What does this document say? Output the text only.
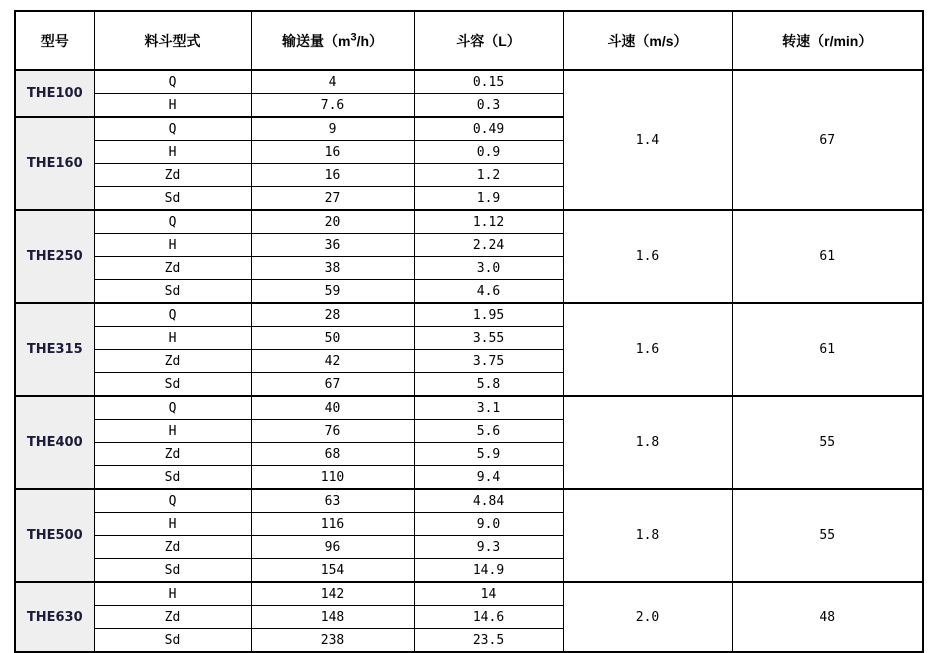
型号	料斗型式	输送量$(m^3/h)$	斗容（L）	斗速（m/s）	转速（r/min）
THE100	Q	4	0.15	1.4	67
	H	7.6	0.3		
THE160	Q	9	0.49		
	H	16	0.9		
	Zd	16	1.2		
	Sd	27	1.9		
THE250	Q	20	1.12	1.6	61
	H	36	2.24		
	Zd	38	3.0		
	Sd	59	4.6		
THE315	Q	28	1.95	1.6	61
	H	50	3.55		
	Zd	42	3.75		
	Sd	67	5.8		
THE400	Q	40	3.1	1.8	55
	H	76	5.6		
	Zd	68	5.9		
	Sd	110	9.4		
THE500	Q	63	4.84	1.8	55
	H	116	9.0		
	Zd	96	9.3		
	Sd	154	14.9		
THE630	H	142	14	2.0	48
	Zd	148	14.6		
	Sd	238	23.5		
